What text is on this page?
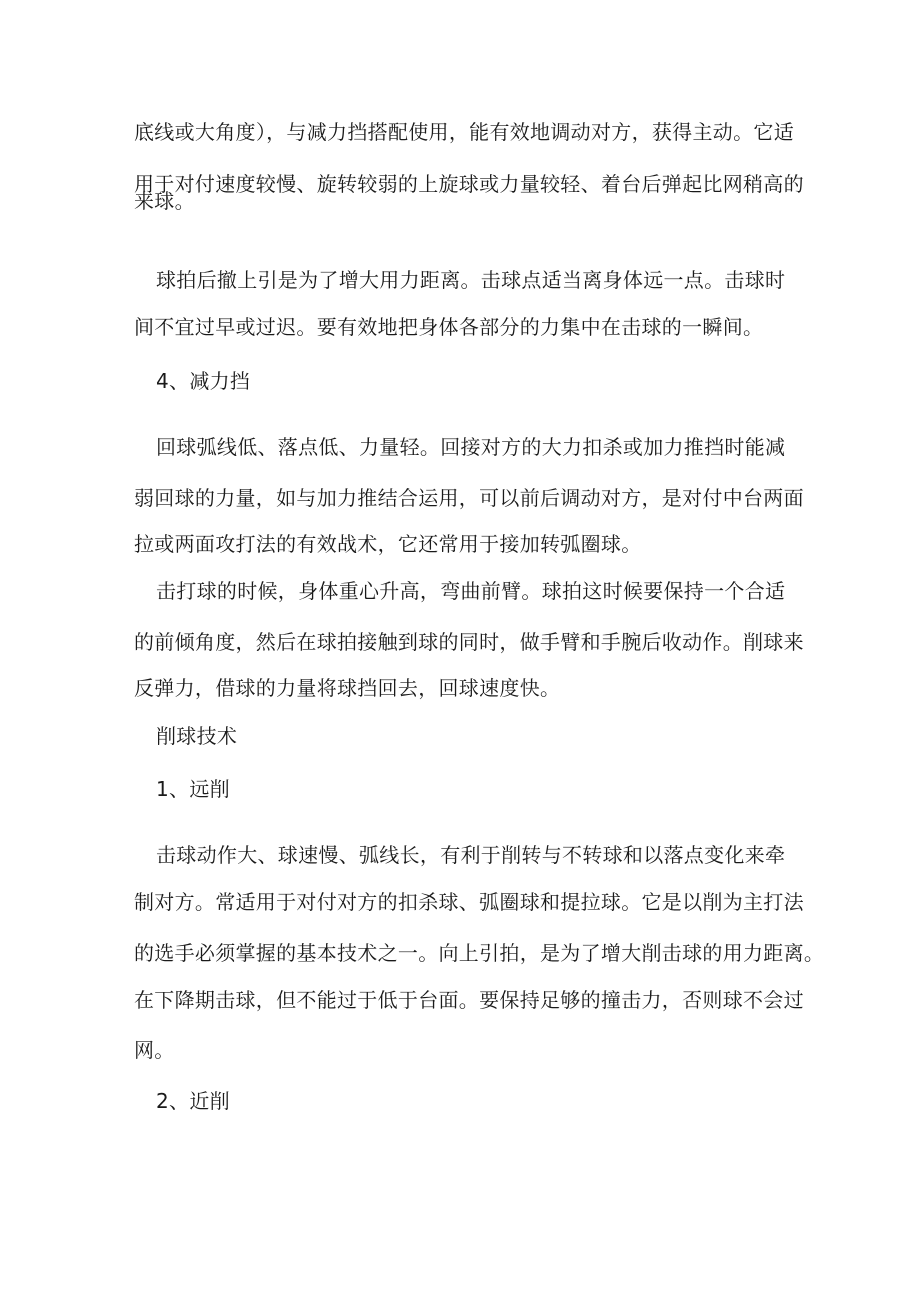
底线或大角度），与减力挡搭配使用，能有效地调动对方，获得主动。它适
用于对付速度较慢、旋转较弱的上旋球或力量较轻、着台后弹起比网稍高的
来球。
球拍后撤上引是为了增大用力距离。击球点适当离身体远一点。击球时
间不宜过早或过迟。要有效地把身体各部分的力集中在击球的一瞬间。
4、减力挡
回球弧线低、落点低、力量轻。回接对方的大力扣杀或加力推挡时能减
弱回球的力量，如与加力推结合运用，可以前后调动对方，是对付中台两面
拉或两面攻打法的有效战术，它还常用于接加转弧圈球。
击打球的时候，身体重心升高，弯曲前臂。球拍这时候要保持一个合适
的前倾角度，然后在球拍接触到球的同时，做手臂和手腕后收动作。削球来
反弹力，借球的力量将球挡回去，回球速度快。
削球技术
1、远削
击球动作大、球速慢、弧线长，有利于削转与不转球和以落点变化来牵
制对方。常适用于对付对方的扣杀球、弧圈球和提拉球。它是以削为主打法
的选手必须掌握的基本技术之一。向上引拍，是为了增大削击球的用力距离。
在下降期击球，但不能过于低于台面。要保持足够的撞击力，否则球不会过
网。
2、近削
